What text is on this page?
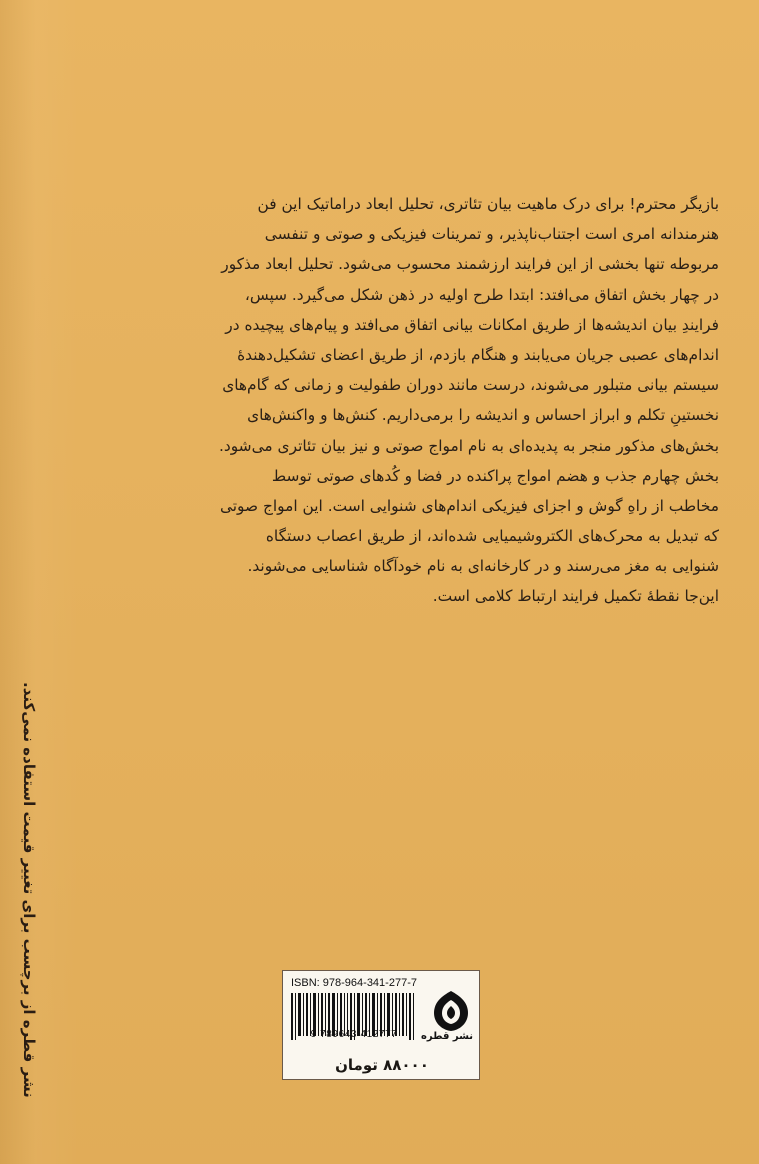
بازیگر محترم! برای درک ماهیت بیان تئاتری، تحلیل ابعاد دراماتیک این فن
هنرمندانه امری است اجتناب‌ناپذیر، و تمرینات فیزیکی و صوتی و تنفسی
مربوطه تنها بخشی از این فرایند ارزشمند محسوب می‌شود. تحلیل ابعاد مذکور
در چهار بخش اتفاق می‌افتد: ابتدا طرح اولیه در ذهن شکل می‌گیرد. سپس،
فرایندِ بیان اندیشه‌ها از طریق امکانات بیانی اتفاق می‌افتد و پیام‌های پیچیده در
اندام‌های عصبی جریان می‌یابند و هنگام بازدم، از طریق اعضای تشکیل‌دهندهٔ
سیستم بیانی متبلور می‌شوند، درست مانند دوران طفولیت و زمانی که گام‌های
نخستینِ تکلم و ابراز احساس و اندیشه را برمی‌داریم. کنش‌ها و واکنش‌های
بخش‌های مذکور منجر به پدیده‌ای به نام امواج صوتی و نیز بیان تئاتری می‌شود.
بخش چهارم جذب و هضم امواج پراکنده در فضا و کُدهای صوتی توسط
مخاطب از راهِ گوش و اجزای فیزیکی اندام‌های شنوایی است. این امواج صوتی
که تبدیل به محرک‌های الکتروشیمیایی شده‌اند، از طریق اعصاب دستگاه
شنوایی به مغز می‌رسند و در کارخانه‌ای به نام خودآگاه شناسایی می‌شوند.
این‌جا نقطهٔ تکمیل فرایند ارتباط کلامی است.
نشر قطره از برچسب برای تغییر قیمت استفاده نمی‌کند.	ISBN: 978-964-341-277-7
9 789643 412777	نشر قطره
۸۸۰۰۰ تومان
